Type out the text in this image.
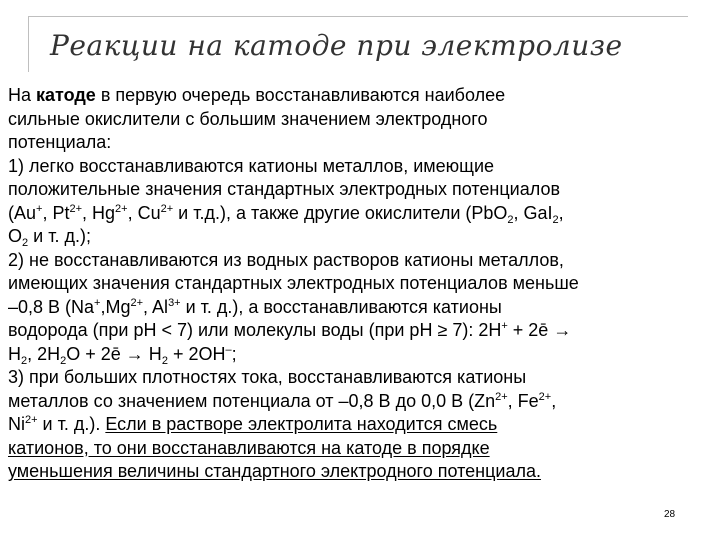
Реакции на катоде при электролизе
На катоде в первую очередь восстанавливаются наиболее
сильные окислители с большим значением электродного
потенциала:
1) легко восстанавливаются катионы металлов, имеющие
положительные значения стандартных электродных потенциалов
(Au+, $Pt^{2+}$, $Hg^{2+}$, $Cu^{2+}$ и т.д.), а также другие окислители (PbO$_2$, GaI$_2$,
$O_2$ и т. д.);
2) не восстанавливаются из водных растворов катионы металлов,
имеющих значения стандартных электродных потенциалов меньше
–0,8 В ($Na^+,Mg^{2+}$, $Al^{3+}$ и т. д.), а восстанавливаются катионы
водорода (при pH < 7) или молекулы воды (при pH ≥ 7): 2H+ + 2ē →
$H_2$, $2H_2O$ + 2ē → $H_2 + 2OH^-$;
3) при больших плотностях тока, восстанавливаются катионы
металлов со значением потенциала от –0,8 В до 0,0 В ($Zn^{2+}$, $Fe^{2+}$,
$Ni^{2+}$ и т. д.). Если в растворе электролита находится смесь
катионов, то они восстанавливаются на катоде в порядке
уменьшения величины стандартного электродного потенциала.
28
